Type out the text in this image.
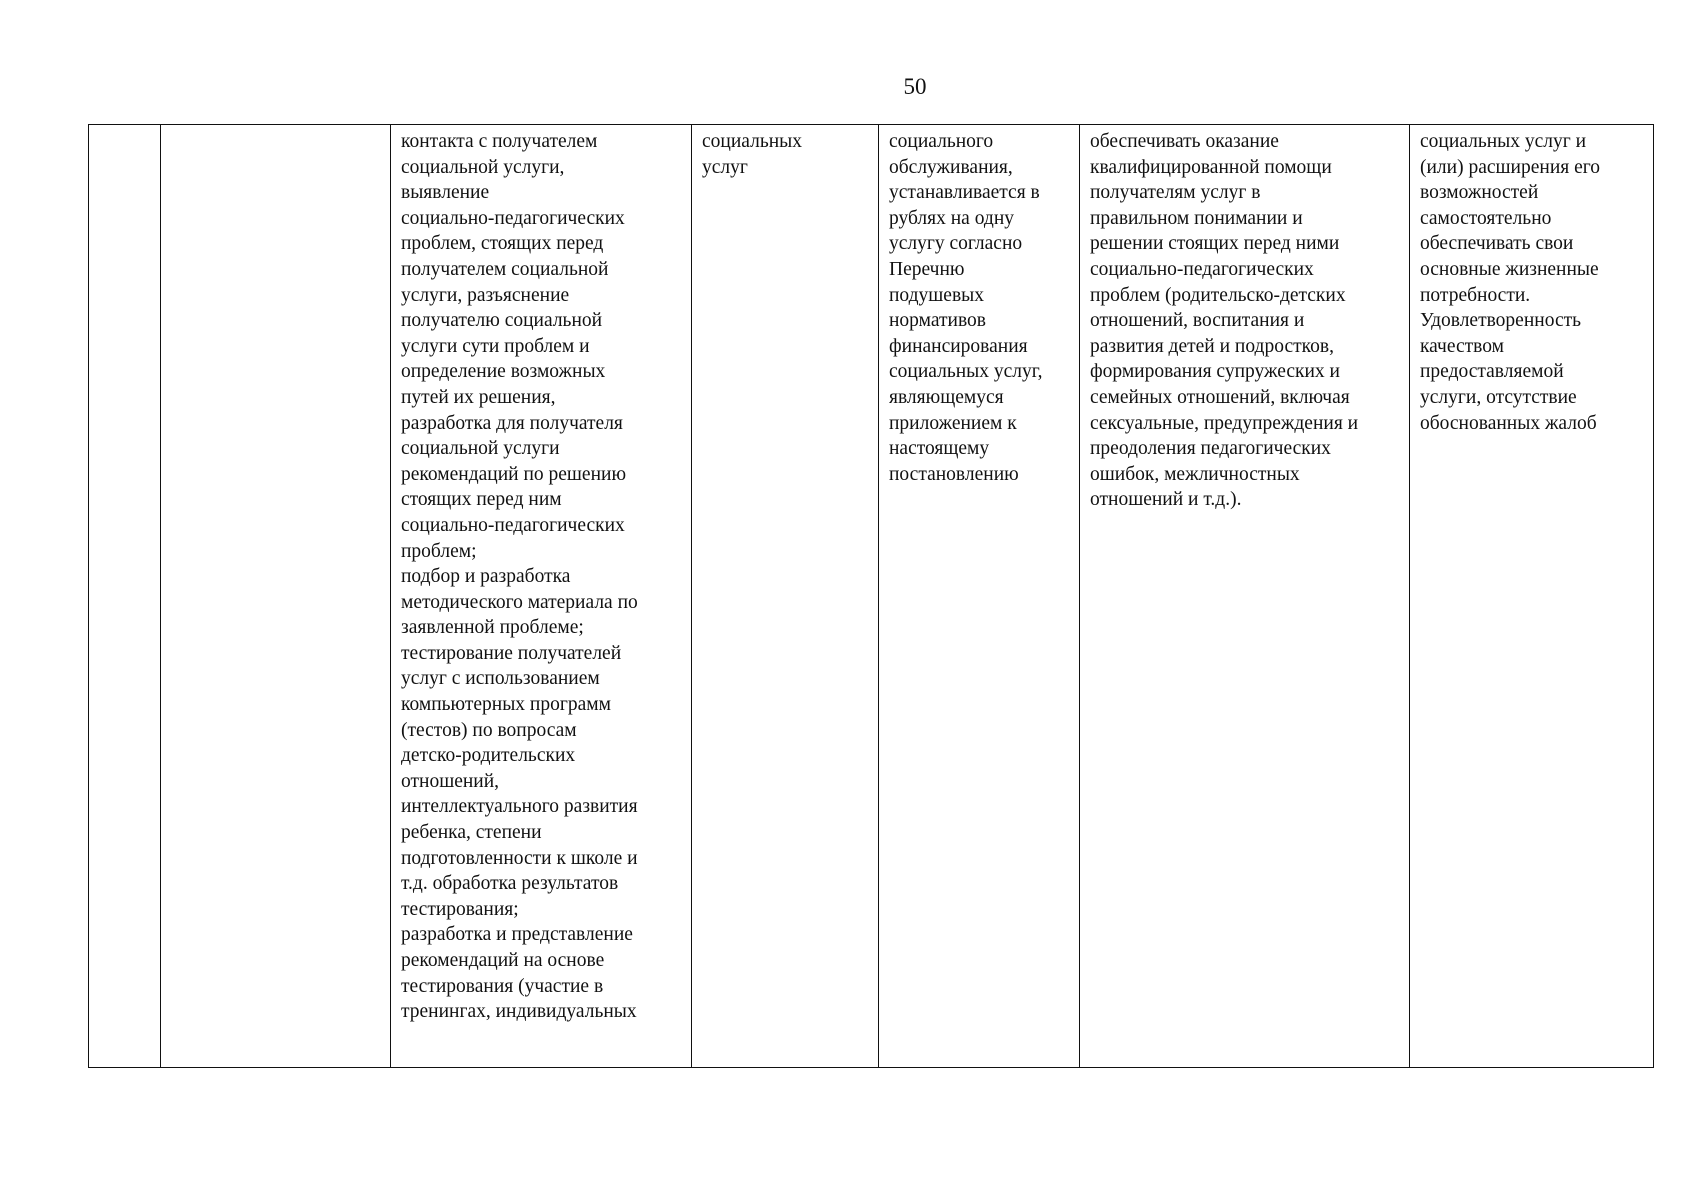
50
		контакта с получателем
социальной услуги,
выявление
социально-педагогических
проблем, стоящих перед
получателем социальной
услуги, разъяснение
получателю социальной
услуги сути проблем и
определение возможных
путей их решения,
разработка для получателя
социальной услуги
рекомендаций по решению
стоящих перед ним
социально-педагогических
проблем;
подбор и разработка
методического материала по
заявленной проблеме;
тестирование получателей
услуг с использованием
компьютерных программ
(тестов) по вопросам
детско-родительских
отношений,
интеллектуального развития
ребенка, степени
подготовленности к школе и
т.д. обработка результатов
тестирования;
разработка и представление
рекомендаций на основе
тестирования (участие в
тренингах, индивидуальных	социальных
услуг	социального
обслуживания,
устанавливается в
рублях на одну
услугу согласно
Перечню
подушевых
нормативов
финансирования
социальных услуг,
являющемуся
приложением к
настоящему
постановлению	обеспечивать оказание
квалифицированной помощи
получателям услуг в
правильном понимании и
решении стоящих перед ними
социально-педагогических
проблем (родительско-детских
отношений, воспитания и
развития детей и подростков,
формирования супружеских и
семейных отношений, включая
сексуальные, предупреждения и
преодоления педагогических
ошибок, межличностных
отношений и т.д.).	социальных услуг и
(или) расширения его
возможностей
самостоятельно
обеспечивать свои
основные жизненные
потребности.
Удовлетворенность
качеством
предоставляемой
услуги, отсутствие
обоснованных жалоб
